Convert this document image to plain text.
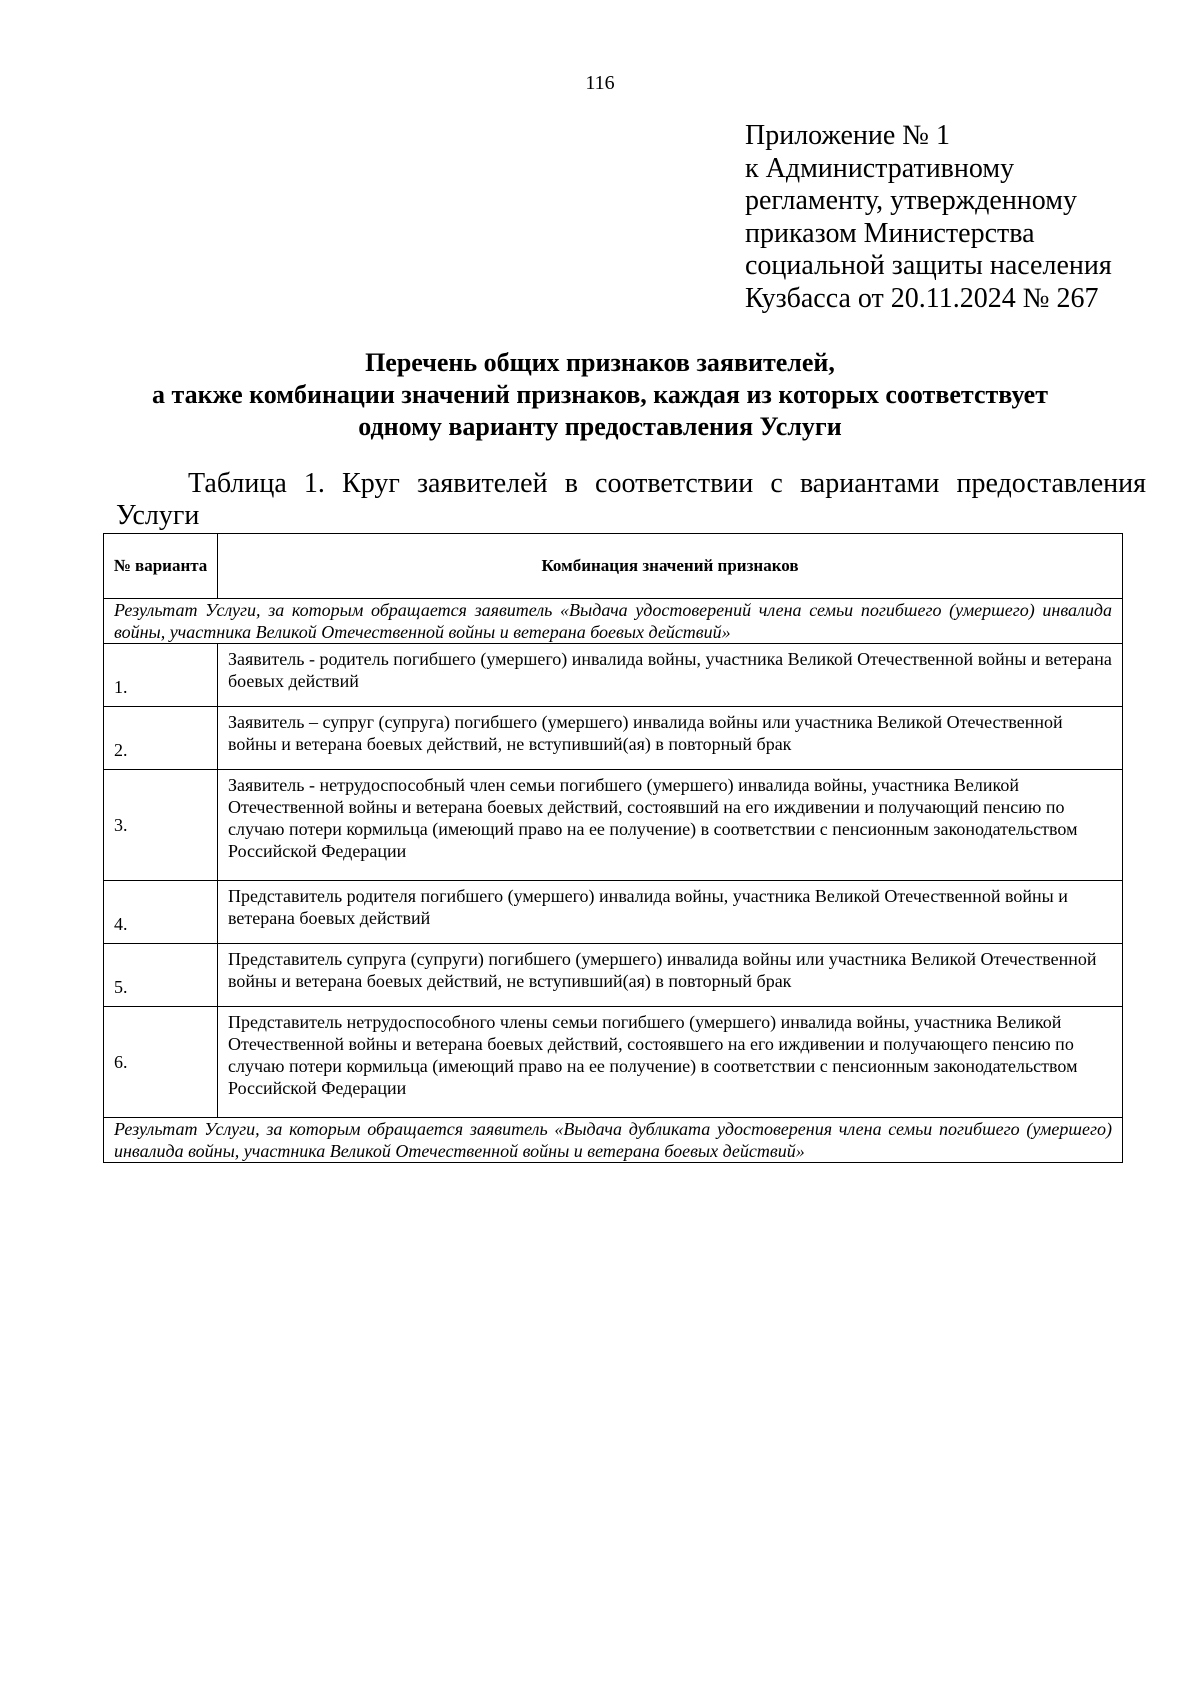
116
Приложение № 1
к Административному
регламенту, утвержденному
приказом Министерства
социальной защиты населения
Кузбасса от 20.11.2024 № 267
Перечень общих признаков заявителей,
а также комбинации значений признаков, каждая из которых соответствует
одному варианту предоставления Услуги
Таблица 1. Круг заявителей в соответствии с вариантами предоставления
Услуги
№ варианта	Комбинация значений признаков
Результат Услуги, за которым обращается заявитель «Выдача удостоверений члена семьи погибшего (умершего) инвалида войны, участника Великой Отечественной войны и ветерана боевых действий»	
1.	Заявитель - родитель погибшего (умершего) инвалида войны, участника Великой Отечественной войны и ветерана боевых действий
2.	Заявитель – супруг (супруга) погибшего (умершего) инвалида войны или участника Великой Отечественной войны и ветерана боевых действий, не вступивший(ая) в повторный брак
3.	Заявитель - нетрудоспособный член семьи погибшего (умершего) инвалида войны, участника Великой Отечественной войны и ветерана боевых действий, состоявший на его иждивении и получающий пенсию по случаю потери кормильца (имеющий право на ее получение) в соответствии с пенсионным законодательством Российской Федерации
4.	Представитель родителя погибшего (умершего) инвалида войны, участника Великой Отечественной войны и ветерана боевых действий
5.	Представитель супруга (супруги) погибшего (умершего) инвалида войны или участника Великой Отечественной войны и ветерана боевых действий, не вступивший(ая) в повторный брак
6.	Представитель нетрудоспособного члены семьи погибшего (умершего) инвалида войны, участника Великой Отечественной войны и ветерана боевых действий, состоявшего на его иждивении и получающего пенсию по случаю потери кормильца (имеющий право на ее получение) в соответствии с пенсионным законодательством Российской Федерации
Результат Услуги, за которым обращается заявитель «Выдача дубликата удостоверения члена семьи погибшего (умершего) инвалида войны, участника Великой Отечественной войны и ветерана боевых действий»	
